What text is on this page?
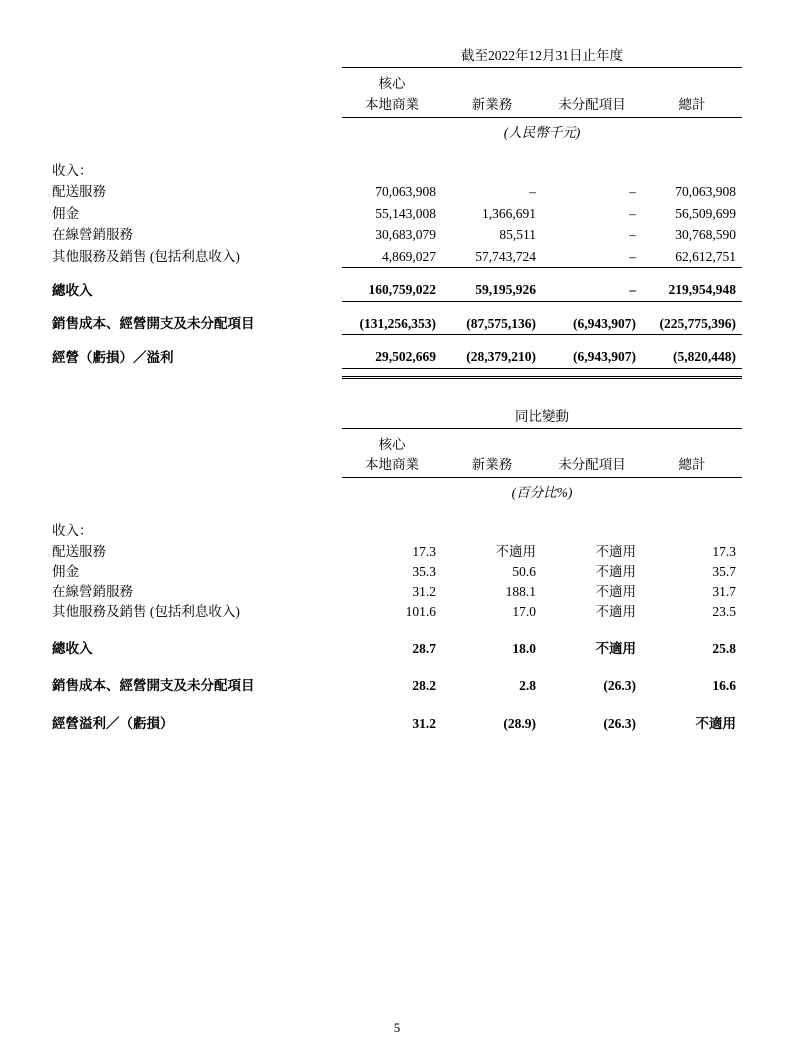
	截至2022年12月31日止年度			

	核心			
	本地商業	新業務	未分配項目	總計
	(人民幣千元)			

收入：				
配送服務	70,063,908	–	–	70,063,908
佣金	55,143,008	1,366,691	–	56,509,699
在線營銷服務	30,683,079	85,511	–	30,768,590
其他服務及銷售 (包括利息收入)	4,869,027	57,743,724	–	62,612,751

總收入	160,759,022	59,195,926	–	219,954,948

銷售成本、經營開支及未分配項目	(131,256,353)	(87,575,136)	(6,943,907)	(225,775,396)

經營（虧損）／溢利	29,502,669	(28,379,210)	(6,943,907)	(5,820,448)

	同比變動			

	核心			
	本地商業	新業務	未分配項目	總計
	(百分比%)			

收入：				
配送服務	17.3	不適用	不適用	17.3
佣金	35.3	50.6	不適用	35.7
在線營銷服務	31.2	188.1	不適用	31.7
其他服務及銷售 (包括利息收入)	101.6	17.0	不適用	23.5

總收入	28.7	18.0	不適用	25.8

銷售成本、經營開支及未分配項目	28.2	2.8	(26.3)	16.6

經營溢利／（虧損）	31.2	(28.9)	(26.3)	不適用
5
